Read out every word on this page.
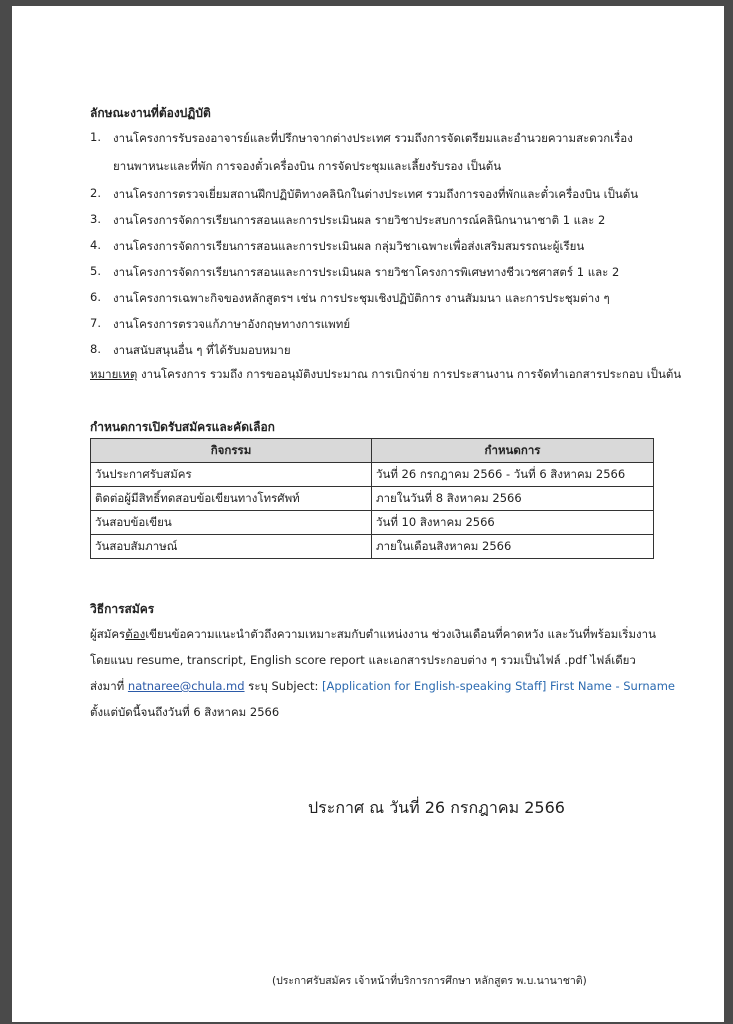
ลักษณะงานที่ต้องปฏิบัติ
1. งานโครงการรับรองอาจารย์และที่ปรึกษาจากต่างประเทศ รวมถึงการจัดเตรียมและอำนวยความสะดวกเรื่อง
ยานพาหนะและที่พัก การจองตั๋วเครื่องบิน การจัดประชุมและเลี้ยงรับรอง เป็นต้น
2. งานโครงการตรวจเยี่ยมสถานฝึกปฏิบัติทางคลินิกในต่างประเทศ รวมถึงการจองที่พักและตั๋วเครื่องบิน เป็นต้น
3. งานโครงการจัดการเรียนการสอนและการประเมินผล รายวิชาประสบการณ์คลินิกนานาชาติ 1 และ 2
4. งานโครงการจัดการเรียนการสอนและการประเมินผล กลุ่มวิชาเฉพาะเพื่อส่งเสริมสมรรถนะผู้เรียน
5. งานโครงการจัดการเรียนการสอนและการประเมินผล รายวิชาโครงการพิเศษทางชีวเวชศาสตร์ 1 และ 2
6. งานโครงการเฉพาะกิจของหลักสูตรฯ เช่น การประชุมเชิงปฏิบัติการ งานสัมมนา และการประชุมต่าง ๆ
7. งานโครงการตรวจแก้ภาษาอังกฤษทางการแพทย์
8. งานสนับสนุนอื่น ๆ ที่ได้รับมอบหมาย
หมายเหตุ งานโครงการ รวมถึง การขออนุมัติงบประมาณ การเบิกจ่าย การประสานงาน การจัดทำเอกสารประกอบ เป็นต้น
กำหนดการเปิดรับสมัครและคัดเลือก
กิจกรรม	กำหนดการ
วันประกาศรับสมัคร	วันที่ 26 กรกฎาคม 2566 - วันที่ 6 สิงหาคม 2566
ติดต่อผู้มีสิทธิ์ทดสอบข้อเขียนทางโทรศัพท์	ภายในวันที่ 8 สิงหาคม 2566
วันสอบข้อเขียน	วันที่ 10 สิงหาคม 2566
วันสอบสัมภาษณ์	ภายในเดือนสิงหาคม 2566
วิธีการสมัคร
ผู้สมัครต้องเขียนข้อความแนะนำตัวถึงความเหมาะสมกับตำแหน่งงาน ช่วงเงินเดือนที่คาดหวัง และวันที่พร้อมเริ่มงาน
โดยแนบ resume, transcript, English score report และเอกสารประกอบต่าง ๆ รวมเป็นไฟล์ .pdf ไฟล์เดียว
ส่งมาที่ natnaree@chula.md ระบุ Subject: [Application for English-speaking Staff] First Name - Surname
ตั้งแต่บัดนี้จนถึงวันที่ 6 สิงหาคม 2566
ประกาศ ณ วันที่ 26 กรกฎาคม 2566
(ประกาศรับสมัคร เจ้าหน้าที่บริการการศึกษา หลักสูตร พ.บ.นานาชาติ)
